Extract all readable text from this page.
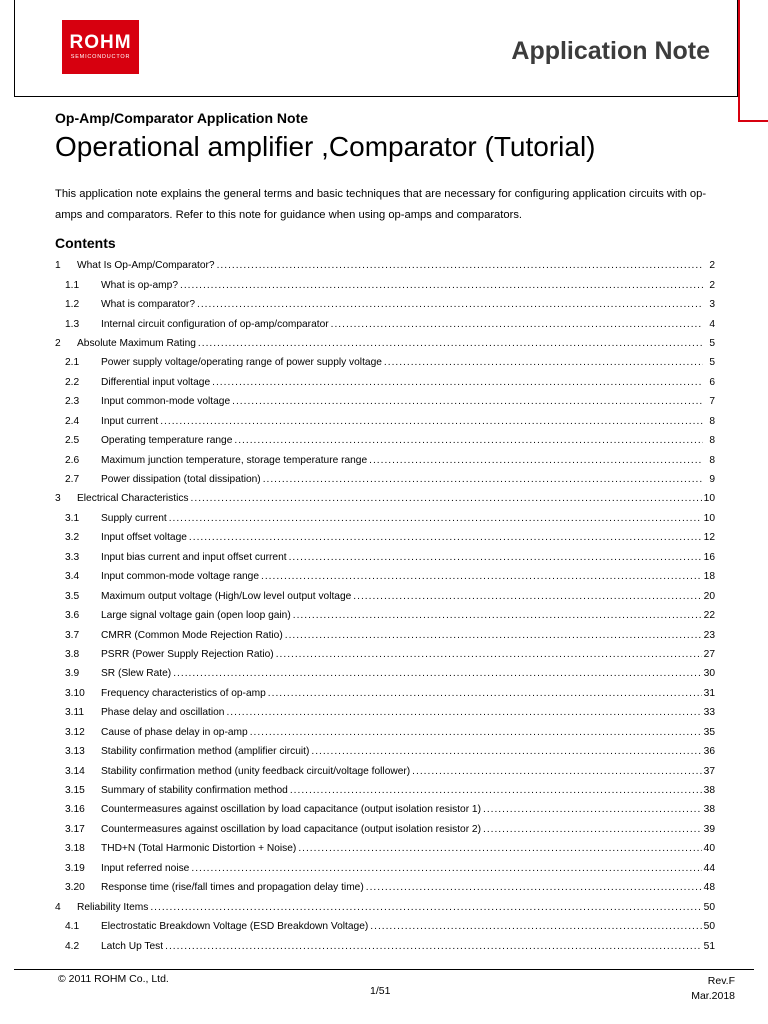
ROHM
SEMICONDUCTOR	Application Note
Op-Amp/Comparator Application Note
Operational amplifier ,Comparator (Tutorial)
This application note explains the general terms and basic techniques that are necessary for configuring application circuits with op-amps and comparators. Refer to this note for guidance when using op-amps and comparators.
Contents
1	What Is Op-Amp/Comparator? .....	2
1.1	What is op-amp? .....	2
1.2	What is comparator? .....	3
1.3	Internal circuit configuration of op-amp/comparator .....	4
2	Absolute Maximum Rating .....	5
2.1	Power supply voltage/operating range of power supply voltage .....	5
2.2	Differential input voltage .....	6
2.3	Input common-mode voltage .....	7
2.4	Input current .....	8
2.5	Operating temperature range .....	8
2.6	Maximum junction temperature, storage temperature range .....	8
2.7	Power dissipation (total dissipation) .....	9
3	Electrical Characteristics .....	10
3.1	Supply current .....	10
3.2	Input offset voltage .....	12
3.3	Input bias current and input offset current .....	16
3.4	Input common-mode voltage range .....	18
3.5	Maximum output voltage (High/Low level output voltage .....	20
3.6	Large signal voltage gain (open loop gain) .....	22
3.7	CMRR (Common Mode Rejection Ratio) .....	23
3.8	PSRR (Power Supply Rejection Ratio) .....	27
3.9	SR (Slew Rate) .....	30
3.10	Frequency characteristics of op-amp .....	31
3.11	Phase delay and oscillation .....	33
3.12	Cause of phase delay in op-amp .....	35
3.13	Stability confirmation method (amplifier circuit) .....	36
3.14	Stability confirmation method (unity feedback circuit/voltage follower) .....	37
3.15	Summary of stability confirmation method .....	38
3.16	Countermeasures against oscillation by load capacitance (output isolation resistor 1) .....	38
3.17	Countermeasures against oscillation by load capacitance (output isolation resistor 2) .....	39
3.18	THD+N (Total Harmonic Distortion + Noise) .....	40
3.19	Input referred noise .....	44
3.20	Response time (rise/fall times and propagation delay time) .....	48
4	Reliability Items .....	50
4.1	Electrostatic Breakdown Voltage (ESD Breakdown Voltage) .....	50
4.2	Latch Up Test .....	51
© 2011 ROHM Co., Ltd.
1/51
Rev.F
Mar.2018
